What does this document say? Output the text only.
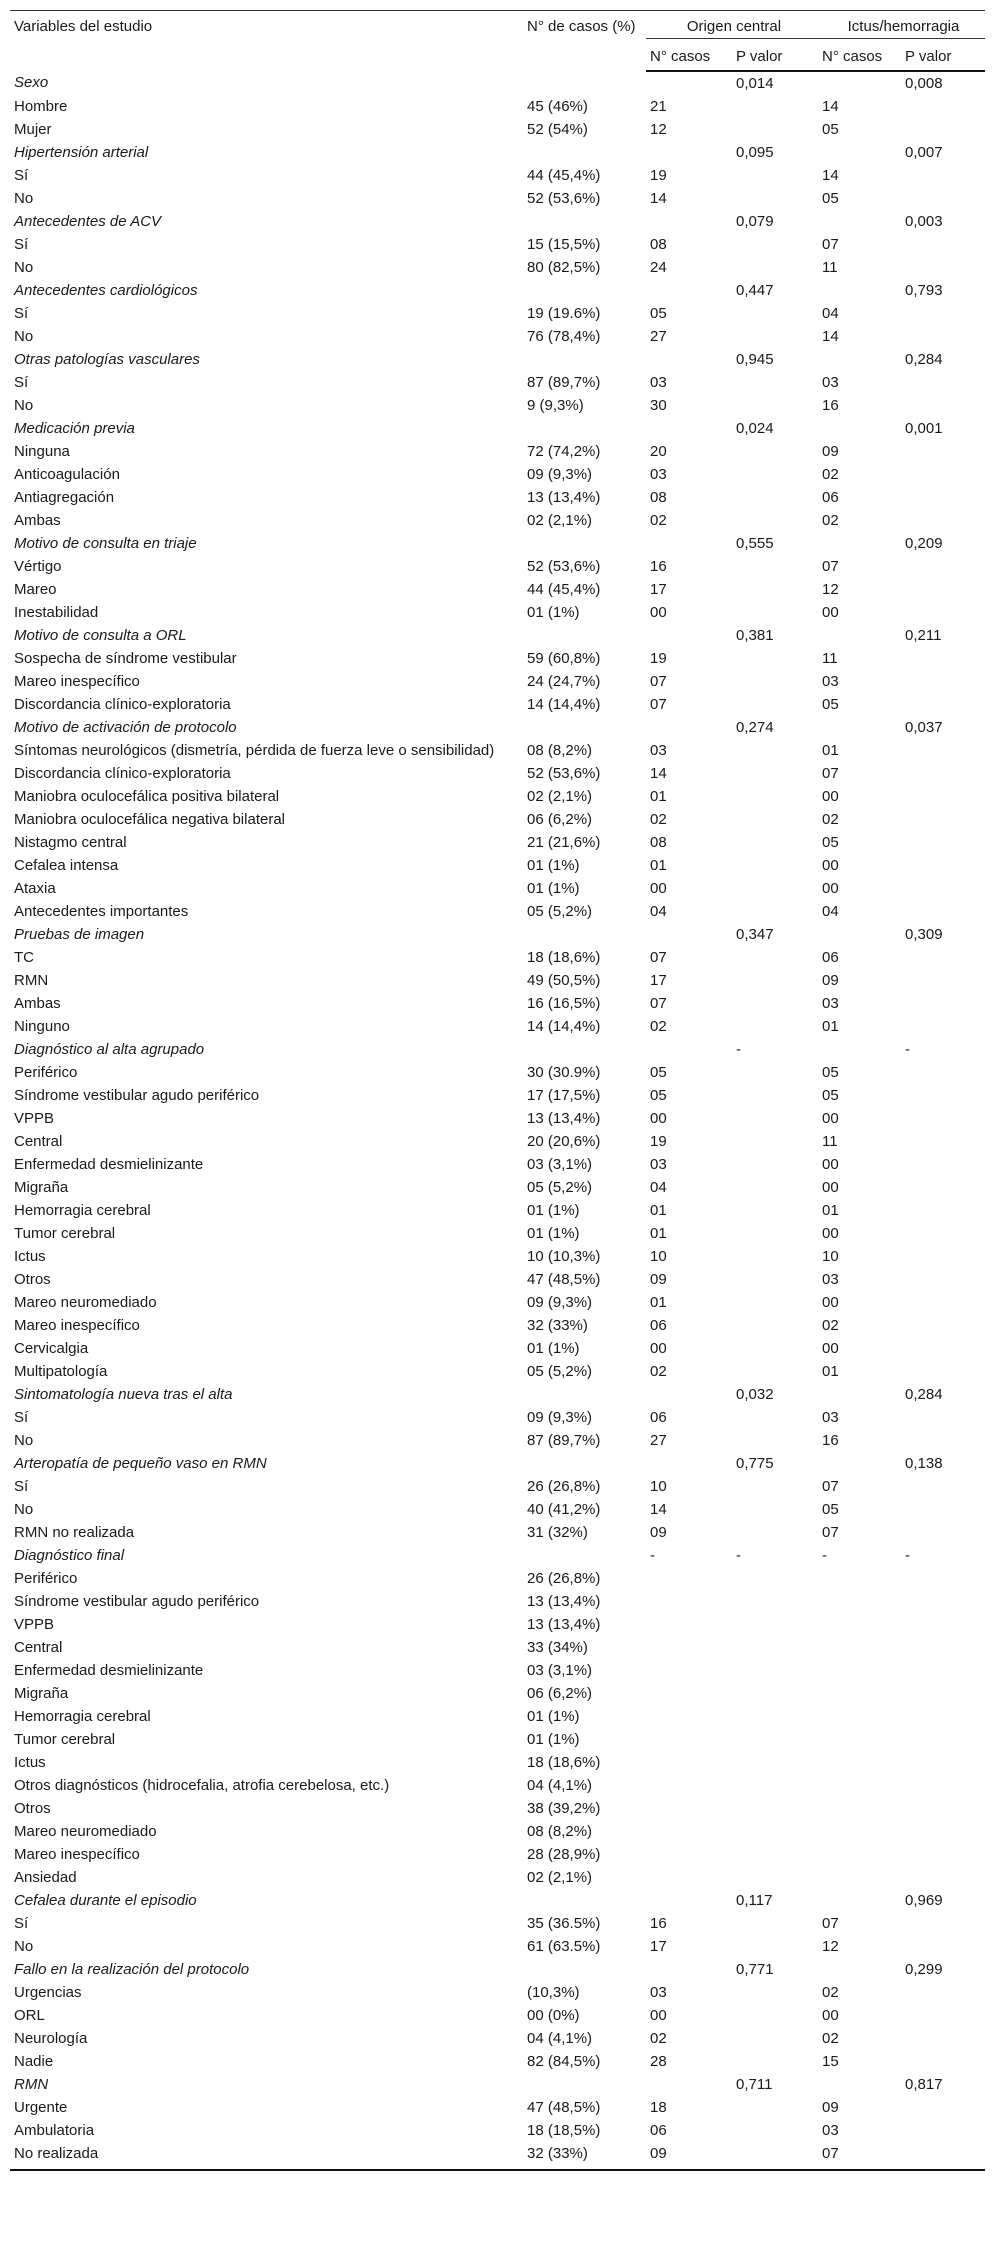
Variables del estudio	N° de casos (%)	Origen central		Ictus/hemorragia	
		N° casos	P valor	N° casos	P valor
Sexo			0,014		0,008
Hombre	45 (46%)	21		14	
Mujer	52 (54%)	12		05	
Hipertensión arterial			0,095		0,007
Sí	44 (45,4%)	19		14	
No	52 (53,6%)	14		05	
Antecedentes de ACV			0,079		0,003
Sí	15 (15,5%)	08		07	
No	80 (82,5%)	24		11	
Antecedentes cardiológicos			0,447		0,793
Sí	19 (19.6%)	05		04	
No	76 (78,4%)	27		14	
Otras patologías vasculares			0,945		0,284
Sí	87 (89,7%)	03		03	
No	9 (9,3%)	30		16	
Medicación previa			0,024		0,001
Ninguna	72 (74,2%)	20		09	
Anticoagulación	09 (9,3%)	03		02	
Antiagregación	13 (13,4%)	08		06	
Ambas	02 (2,1%)	02		02	
Motivo de consulta en triaje			0,555		0,209
Vértigo	52 (53,6%)	16		07	
Mareo	44 (45,4%)	17		12	
Inestabilidad	01 (1%)	00		00	
Motivo de consulta a ORL			0,381		0,211
Sospecha de síndrome vestibular	59 (60,8%)	19		11	
Mareo inespecífico	24 (24,7%)	07		03	
Discordancia clínico-exploratoria	14 (14,4%)	07		05	
Motivo de activación de protocolo			0,274		0,037
Síntomas neurológicos (dismetría, pérdida de fuerza leve o sensibilidad)	08 (8,2%)	03		01	
Discordancia clínico-exploratoria	52 (53,6%)	14		07	
Maniobra oculocefálica positiva bilateral	02 (2,1%)	01		00	
Maniobra oculocefálica negativa bilateral	06 (6,2%)	02		02	
Nistagmo central	21 (21,6%)	08		05	
Cefalea intensa	01 (1%)	01		00	
Ataxia	01 (1%)	00		00	
Antecedentes importantes	05 (5,2%)	04		04	
Pruebas de imagen			0,347		0,309
TC	18 (18,6%)	07		06	
RMN	49 (50,5%)	17		09	
Ambas	16 (16,5%)	07		03	
Ninguno	14 (14,4%)	02		01	
Diagnóstico al alta agrupado			-		-
Periférico	30 (30.9%)	05		05	
Síndrome vestibular agudo periférico	17 (17,5%)	05		05	
VPPB	13 (13,4%)	00		00	
Central	20 (20,6%)	19		11	
Enfermedad desmielinizante	03 (3,1%)	03		00	
Migraña	05 (5,2%)	04		00	
Hemorragia cerebral	01 (1%)	01		01	
Tumor cerebral	01 (1%)	01		00	
Ictus	10 (10,3%)	10		10	
Otros	47 (48,5%)	09		03	
Mareo neuromediado	09 (9,3%)	01		00	
Mareo inespecífico	32 (33%)	06		02	
Cervicalgia	01 (1%)	00		00	
Multipatología	05 (5,2%)	02		01	
Sintomatología nueva tras el alta			0,032		0,284
Sí	09 (9,3%)	06		03	
No	87 (89,7%)	27		16	
Arteropatía de pequeño vaso en RMN			0,775		0,138
Sí	26 (26,8%)	10		07	
No	40 (41,2%)	14		05	
RMN no realizada	31 (32%)	09		07	
Diagnóstico final		-	-	-	-
Periférico	26 (26,8%)				
Síndrome vestibular agudo periférico	13 (13,4%)				
VPPB	13 (13,4%)				
Central	33 (34%)				
Enfermedad desmielinizante	03 (3,1%)				
Migraña	06 (6,2%)				
Hemorragia cerebral	01 (1%)				
Tumor cerebral	01 (1%)				
Ictus	18 (18,6%)				
Otros diagnósticos (hidrocefalia, atrofia cerebelosa, etc.)	04 (4,1%)				
Otros	38 (39,2%)				
Mareo neuromediado	08 (8,2%)				
Mareo inespecífico	28 (28,9%)				
Ansiedad	02 (2,1%)				
Cefalea durante el episodio			0,117		0,969
Sí	35 (36.5%)	16		07	
No	61 (63.5%)	17		12	
Fallo en la realización del protocolo			0,771		0,299
Urgencias	(10,3%)	03		02	
ORL	00 (0%)	00		00	
Neurología	04 (4,1%)	02		02	
Nadie	82 (84,5%)	28		15	
RMN			0,711		0,817
Urgente	47 (48,5%)	18		09	
Ambulatoria	18 (18,5%)	06		03	
No realizada	32 (33%)	09		07	
